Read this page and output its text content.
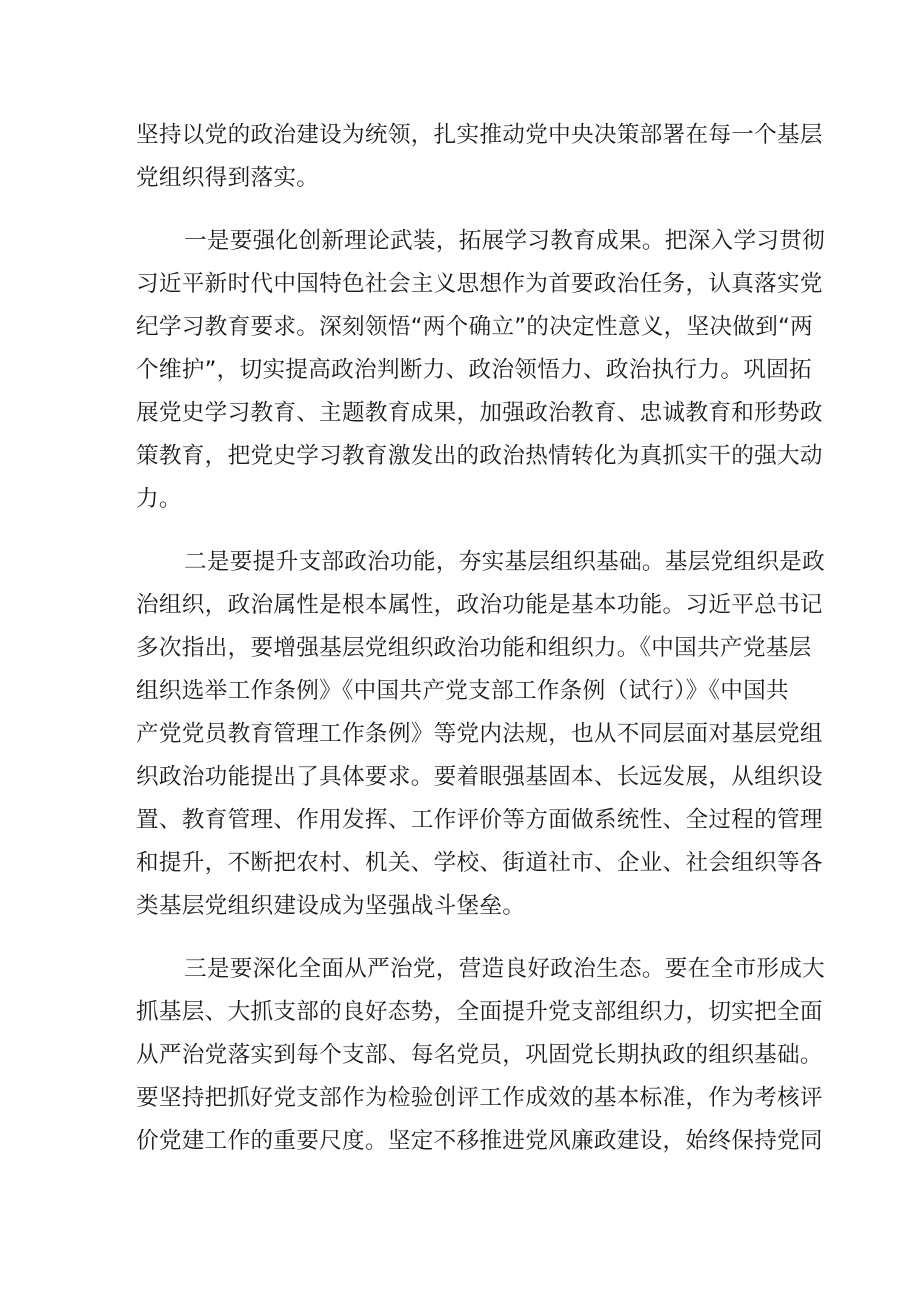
坚持以党的政治建设为统领，扎实推动党中央决策部署在每一个基层
党组织得到落实。
一是要强化创新理论武装，拓展学习教育成果。把深入学习贯彻
习近平新时代中国特色社会主义思想作为首要政治任务，认真落实党
纪学习教育要求。深刻领悟“两个确立”的决定性意义，坚决做到“两
个维护”，切实提高政治判断力、政治领悟力、政治执行力。巩固拓
展党史学习教育、主题教育成果，加强政治教育、忠诚教育和形势政
策教育，把党史学习教育激发出的政治热情转化为真抓实干的强大动
力。
二是要提升支部政治功能，夯实基层组织基础。基层党组织是政
治组织，政治属性是根本属性，政治功能是基本功能。习近平总书记
多次指出，要增强基层党组织政治功能和组织力。《中国共产党基层
组织选举工作条例》《中国共产党支部工作条例（试行）》《中国共
产党党员教育管理工作条例》等党内法规，也从不同层面对基层党组
织政治功能提出了具体要求。要着眼强基固本、长远发展，从组织设
置、教育管理、作用发挥、工作评价等方面做系统性、全过程的管理
和提升，不断把农村、机关、学校、街道社市、企业、社会组织等各
类基层党组织建设成为坚强战斗堡垒。
三是要深化全面从严治党，营造良好政治生态。要在全市形成大
抓基层、大抓支部的良好态势，全面提升党支部组织力，切实把全面
从严治党落实到每个支部、每名党员，巩固党长期执政的组织基础。
要坚持把抓好党支部作为检验创评工作成效的基本标准，作为考核评
价党建工作的重要尺度。坚定不移推进党风廉政建设，始终保持党同
